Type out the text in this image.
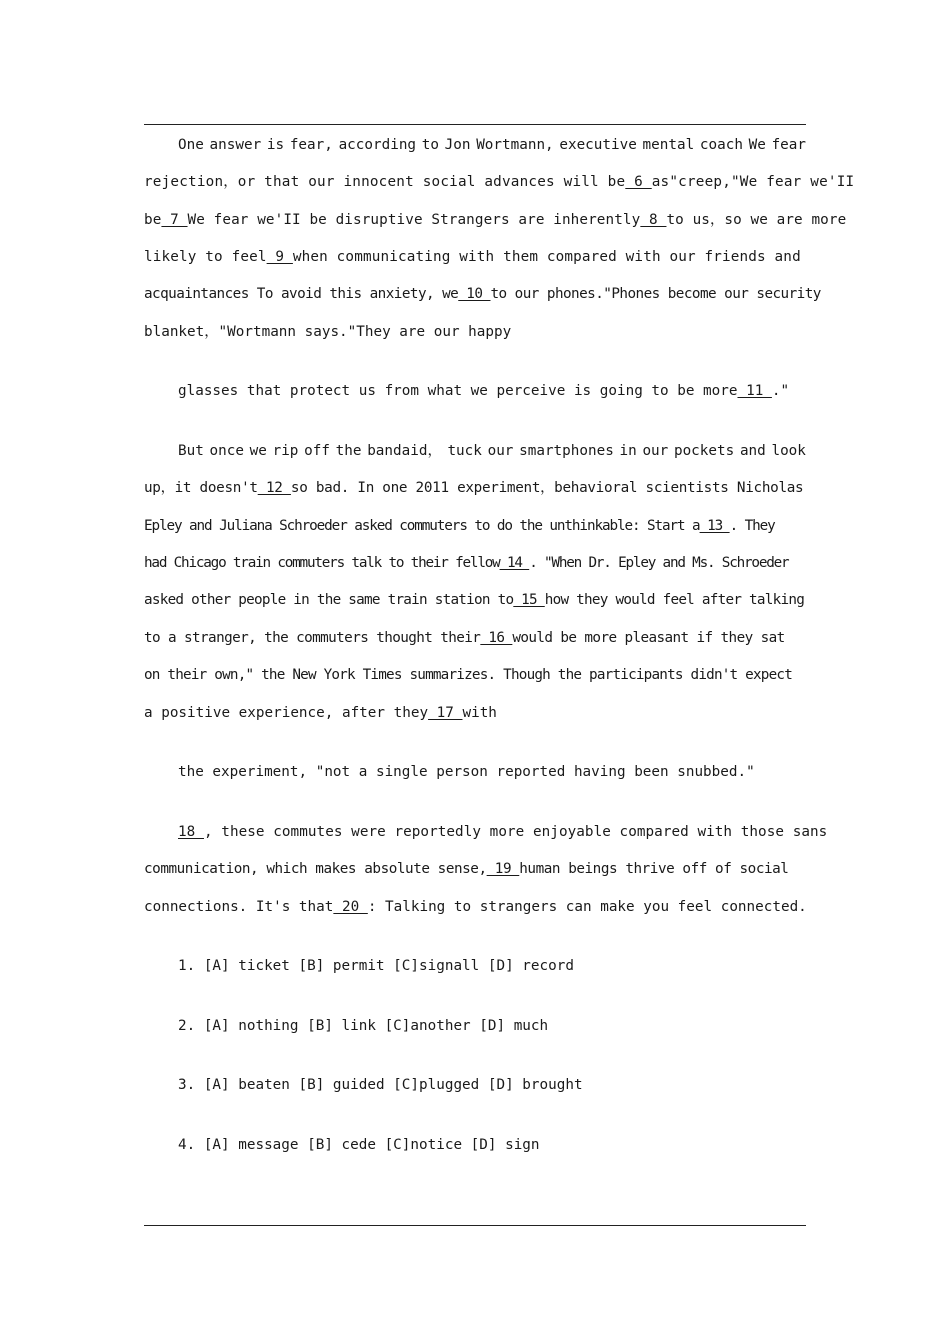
One answer is fear, according to Jon Wortmann, executive mental coach We fear
rejection，or that our innocent social advances will be 6 as"creep,"We fear we'II
be 7 We fear we'II be disruptive Strangers are inherently 8 to us，so we are more
likely to feel 9 when communicating with them compared with our friends and
acquaintances To avoid this anxiety, we 10 to our phones."Phones become our security
blanket，"Wortmann says."They are our happy
glasses that protect us from what we perceive is going to be more 11 ."
But once we rip off the bandaid， tuck our smartphones in our pockets and look
up，it doesn't 12 so bad. In one 2011 experiment，behavioral scientists Nicholas
Epley and Juliana Schroeder asked commuters to do the unthinkable: Start a 13 . They
had Chicago train commuters talk to their fellow 14 . "When Dr. Epley and Ms. Schroeder
asked other people in the same train station to 15 how they would feel after talking
to a stranger, the commuters thought their 16 would be more pleasant if they sat
on their own," the New York Times summarizes. Though the participants didn't expect
a positive experience, after they 17 with
the experiment, "not a single person reported having been snubbed."
18 , these commutes were reportedly more enjoyable compared with those sans
communication, which makes absolute sense, 19 human beings thrive off of social
connections. It's that 20 : Talking to strangers can make you feel connected.
1. [A] ticket [B] permit [C]signall [D] record
2. [A] nothing [B] link [C]another [D] much
3. [A] beaten [B] guided [C]plugged [D] brought
4. [A] message [B] cede [C]notice [D] sign
